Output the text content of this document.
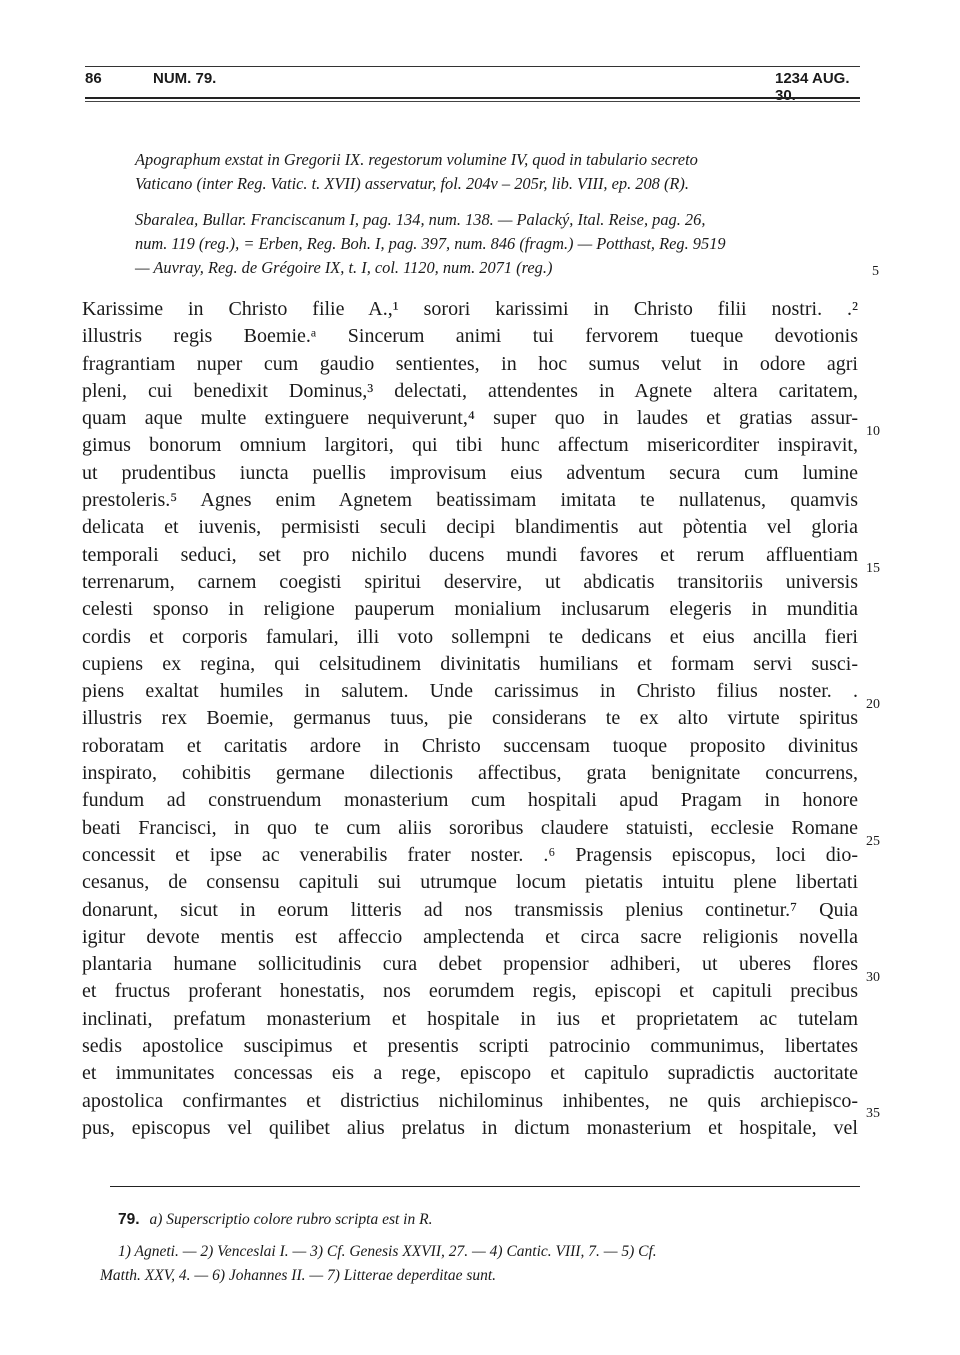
86	NUM. 79.	1234 AUG. 30.
Apographum exstat in Gregorii IX. regestorum volumine IV, quod in tabulario secreto
Vaticano (inter Reg. Vatic. t. XVII) asservatur, fol. 204v – 205r, lib. VIII, ep. 208 (R).
Sbaralea, Bullar. Franciscanum I, pag. 134, num. 138. — Palacký, Ital. Reise, pag. 26,
num. 119 (reg.), = Erben, Reg. Boh. I, pag. 397, num. 846 (fragm.) — Potthast, Reg. 9519
— Auvray, Reg. de Grégoire IX, t. I, col. 1120, num. 2071 (reg.)
Karissime in Christo filie A.,¹ sorori karissimi in Christo filii nostri. .²
illustris regis Boemie.ᵃ Sincerum animi tui fervorem tueque devotionis
fragrantiam nuper cum gaudio sentientes, in hoc sumus velut in odore agri
pleni, cui benedixit Dominus,³ delectati, attendentes in Agnete altera caritatem,
quam aque multe extinguere nequiverunt,⁴ super quo in laudes et gratias assur-
gimus bonorum omnium largitori, qui tibi hunc affectum misericorditer inspiravit,
ut prudentibus iuncta puellis improvisum eius adventum secura cum lumine
prestoleris.⁵ Agnes enim Agnetem beatissimam imitata te nullatenus, quamvis
delicata et iuvenis, permisisti seculi decipi blandimentis aut pòtentia vel gloria
temporali seduci, set pro nichilo ducens mundi favores et rerum affluentiam
terrenarum, carnem coegisti spiritui deservire, ut abdicatis transitoriis universis
celesti sponso in religione pauperum monialium inclusarum elegeris in munditia
cordis et corporis famulari, illi voto sollempni te dedicans et eius ancilla fieri
cupiens ex regina, qui celsitudinem divinitatis humilians et formam servi susci-
piens exaltat humiles in salutem. Unde carissimus in Christo filius noster. .
illustris rex Boemie, germanus tuus, pie considerans te ex alto virtute spiritus
roboratam et caritatis ardore in Christo succensam tuoque proposito divinitus
inspirato, cohibitis germane dilectionis affectibus, grata benignitate concurrens,
fundum ad construendum monasterium cum hospitali apud Pragam in honore
beati Francisci, in quo te cum aliis sororibus claudere statuisti, ecclesie Romane
concessit et ipse ac venerabilis frater noster. .⁶ Pragensis episcopus, loci dio-
cesanus, de consensu capituli sui utrumque locum pietatis intuitu plene libertati
donarunt, sicut in eorum litteris ad nos transmissis plenius continetur.⁷ Quia
igitur devote mentis est affeccio amplectenda et circa sacre religionis novella
plantaria humane sollicitudinis cura debet propensior adhiberi, ut uberes flores
et fructus proferant honestatis, nos eorumdem regis, episcopi et capituli precibus
inclinati, prefatum monasterium et hospitale in ius et proprietatem ac tutelam
sedis apostolice suscipimus et presentis scripti patrocinio communimus, libertates
et immunitates concessas eis a rege, episcopo et capitulo supradictis auctoritate
apostolica confirmantes et districtius nichilominus inhibentes, ne quis archiepisco-
pus, episcopus vel quilibet alius prelatus in dictum monasterium et hospitale, vel
5
10
15
20
25
30
35
79. a) Superscriptio colore rubro scripta est in R.
1) Agneti. — 2) Venceslai I. — 3) Cf. Genesis XXVII, 27. — 4) Cantic. VIII, 7. — 5) Cf.
Matth. XXV, 4. — 6) Johannes II. — 7) Litterae deperditae sunt.
